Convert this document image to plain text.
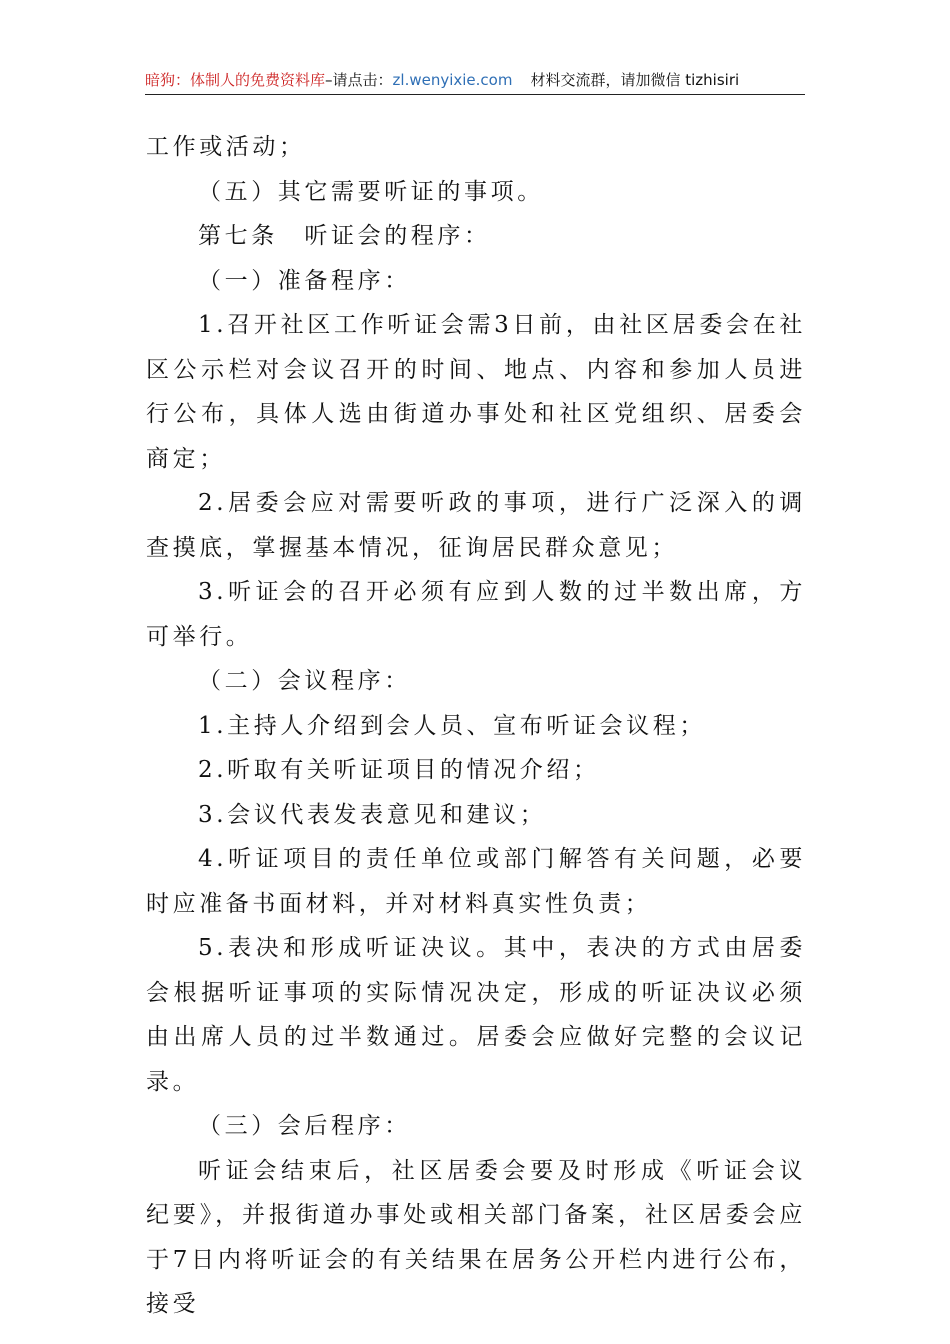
暗狗：体制人的免费资料库–请点击：zl.wenyixie.com 材料交流群，请加微信 tizhisiri

工作或活动；

（五）其它需要听证的事项。

第七条　听证会的程序：

（一）准备程序：

1.召开社区工作听证会需3日前，由社区居委会在社区公示栏对会议召开的时间、地点、内容和参加人员进行公布，具体人选由街道办事处和社区党组织、居委会商定；

2.居委会应对需要听政的事项，进行广泛深入的调查摸底，掌握基本情况，征询居民群众意见；

3.听证会的召开必须有应到人数的过半数出席，方可举行。

（二）会议程序：

1.主持人介绍到会人员、宣布听证会议程；

2.听取有关听证项目的情况介绍；

3.会议代表发表意见和建议；

4.听证项目的责任单位或部门解答有关问题，必要时应准备书面材料，并对材料真实性负责；

5.表决和形成听证决议。其中，表决的方式由居委会根据听证事项的实际情况决定，形成的听证决议必须由出席人员的过半数通过。居委会应做好完整的会议记录。

（三）会后程序：

听证会结束后，社区居委会要及时形成《听证会议纪要》，并报街道办事处或相关部门备案，社区居委会应于7日内将听证会的有关结果在居务公开栏内进行公布，接受
